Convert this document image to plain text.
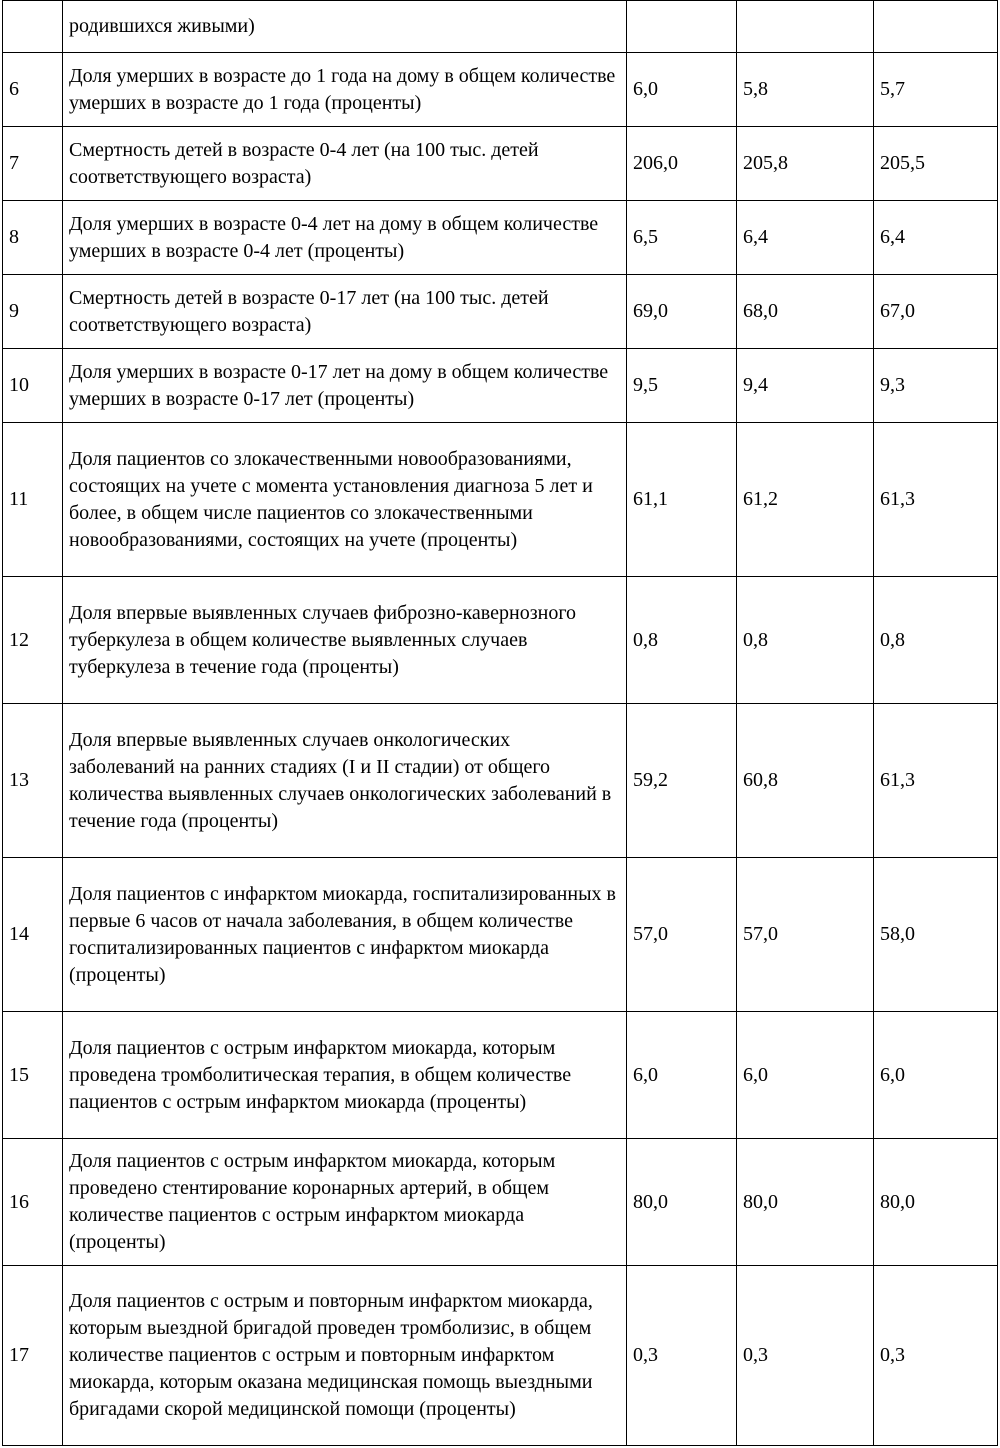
	родившихся живыми)			
6	Доля умерших в возрасте до 1 года на дому в общем количестве умерших в возрасте до 1 года (проценты)	6,0	5,8	5,7
7	Смертность детей в возрасте 0-4 лет (на 100 тыс. детей соответствующего возраста)	206,0	205,8	205,5
8	Доля умерших в возрасте 0-4 лет на дому в общем количестве умерших в возрасте 0-4 лет (проценты)	6,5	6,4	6,4
9	Смертность детей в возрасте 0-17 лет (на 100 тыс. детей соответствующего возраста)	69,0	68,0	67,0
10	Доля умерших в возрасте 0-17 лет на дому в общем количестве умерших в возрасте 0-17 лет (проценты)	9,5	9,4	9,3
11	Доля пациентов со злокачественными новообразованиями, состоящих на учете с момента установления диагноза 5 лет и более, в общем числе пациентов со злокачественными новообразованиями, состоящих на учете (проценты)	61,1	61,2	61,3
12	Доля впервые выявленных случаев фиброзно-кавернозного туберкулеза в общем количестве выявленных случаев туберкулеза в течение года (проценты)	0,8	0,8	0,8
13	Доля впервые выявленных случаев онкологических заболеваний на ранних стадиях (I и II стадии) от общего количества выявленных случаев онкологических заболеваний в течение года (проценты)	59,2	60,8	61,3
14	Доля пациентов с инфарктом миокарда, госпитализированных в первые 6 часов от начала заболевания, в общем количестве госпитализированных пациентов с инфарктом миокарда (проценты)	57,0	57,0	58,0
15	Доля пациентов с острым инфарктом миокарда, которым проведена тромболитическая терапия, в общем количестве пациентов с острым инфарктом миокарда (проценты)	6,0	6,0	6,0
16	Доля пациентов с острым инфарктом миокарда, которым проведено стентирование коронарных артерий, в общем количестве пациентов с острым инфарктом миокарда (проценты)	80,0	80,0	80,0
17	Доля пациентов с острым и повторным инфарктом миокарда, которым выездной бригадой проведен тромболизис, в общем количестве пациентов с острым и повторным инфарктом миокарда, которым оказана медицинская помощь выездными бригадами скорой медицинской помощи (проценты)	0,3	0,3	0,3
